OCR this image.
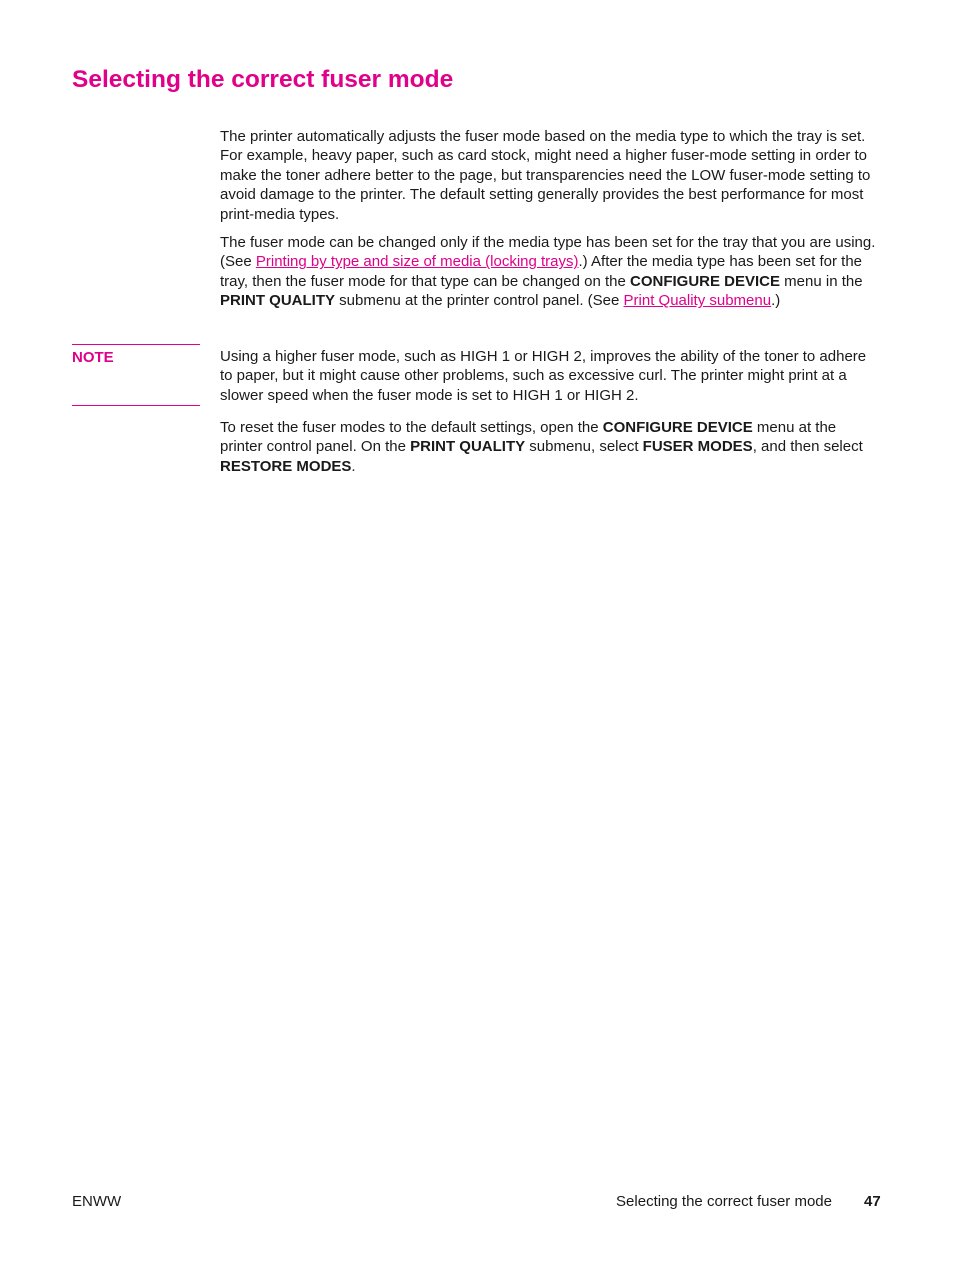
Selecting the correct fuser mode

The printer automatically adjusts the fuser mode based on the media type to which the tray is set. For example, heavy paper, such as card stock, might need a higher fuser-mode setting in order to make the toner adhere better to the page, but transparencies need the LOW fuser-mode setting to avoid damage to the printer. The default setting generally provides the best performance for most print-media types.

The fuser mode can be changed only if the media type has been set for the tray that you are using. (See Printing by type and size of media (locking trays).) After the media type has been set for the tray, then the fuser mode for that type can be changed on the CONFIGURE DEVICE menu in the PRINT QUALITY submenu at the printer control panel. (See Print Quality submenu.)

NOTE	Using a higher fuser mode, such as HIGH 1 or HIGH 2, improves the ability of the toner to adhere to paper, but it might cause other problems, such as excessive curl. The printer might print at a slower speed when the fuser mode is set to HIGH 1 or HIGH 2.

To reset the fuser modes to the default settings, open the CONFIGURE DEVICE menu at the printer control panel. On the PRINT QUALITY submenu, select FUSER MODES, and then select RESTORE MODES.

ENWW	Selecting the correct fuser mode 47
